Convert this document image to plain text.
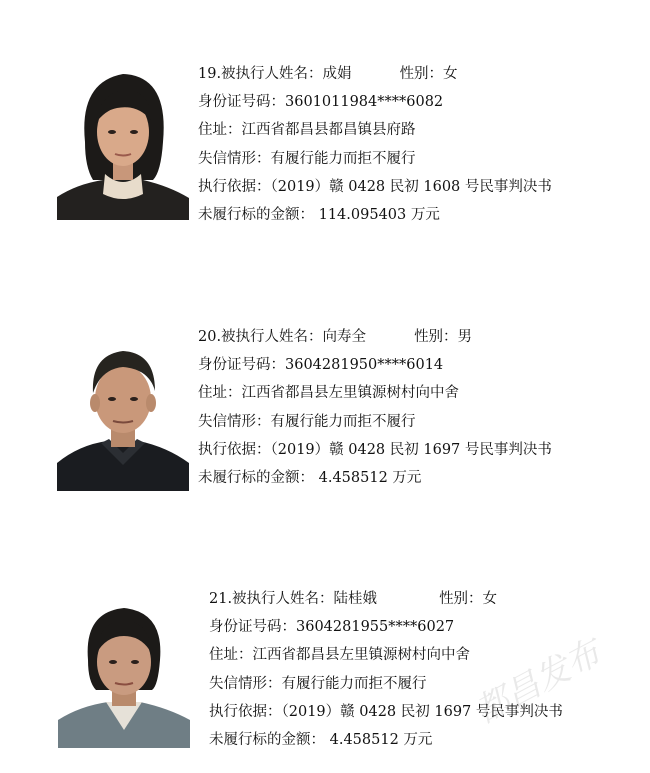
19.被执行人姓名：成娟	性别：女
身份证号码：3601011984****6082
住址：江西省都昌县都昌镇县府路
失信情形：有履行能力而拒不履行
执行依据：（2019）赣 0428 民初 1608 号民事判决书
未履行标的金额： 114.095403 万元
20.被执行人姓名：向寿全	性别：男
身份证号码：3604281950****6014
住址：江西省都昌县左里镇源树村向中舍
失信情形：有履行能力而拒不履行
执行依据：（2019）赣 0428 民初 1697 号民事判决书
未履行标的金额： 4.458512 万元
21.被执行人姓名：陆桂娥	性别：女
身份证号码：3604281955****6027
住址：江西省都昌县左里镇源树村向中舍
失信情形：有履行能力而拒不履行
执行依据：（2019）赣 0428 民初 1697 号民事判决书
未履行标的金额： 4.458512 万元
都昌发布
